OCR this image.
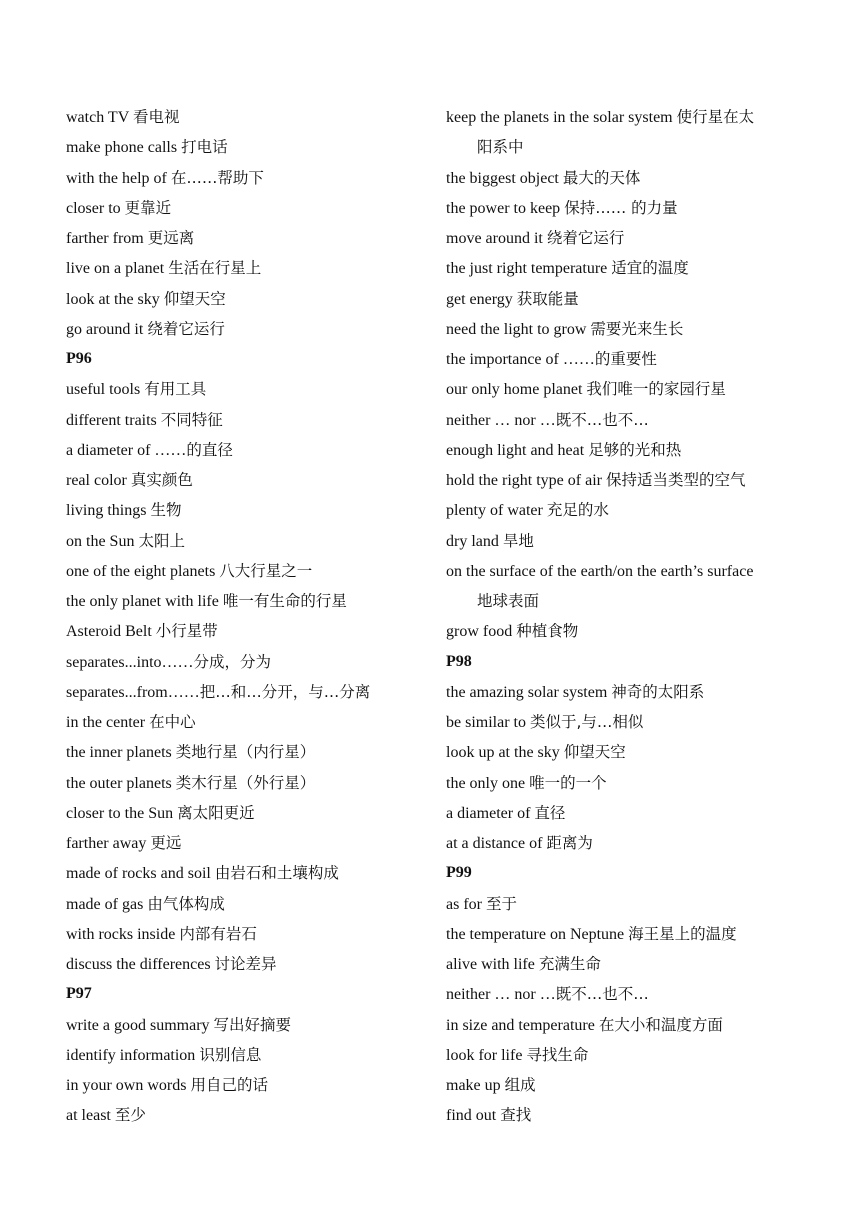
watch TV 看电视
make phone calls 打电话
with the help of 在……帮助下
closer to 更靠近
farther from 更远离
live on a planet 生活在行星上
look at the sky 仰望天空
go around it 绕着它运行
P96
useful tools 有用工具
different traits 不同特征
a diameter of ……的直径
real color 真实颜色
living things 生物
on the Sun 太阳上
one of the eight planets 八大行星之一
the only planet with life 唯一有生命的行星
Asteroid Belt 小行星带
separates...into……分成，分为
separates...from……把…和…分开，与…分离
in the center 在中心
the inner planets 类地行星（内行星）
the outer planets 类木行星（外行星）
closer to the Sun 离太阳更近
farther away 更远
made of rocks and soil 由岩石和土壤构成
made of gas 由气体构成
with rocks inside 内部有岩石
discuss the differences 讨论差异
P97
write a good summary 写出好摘要
identify information 识别信息
in your own words 用自己的话
at least 至少
keep the planets in the solar system 使行星在太
阳系中
the biggest object 最大的天体
the power to keep 保持…… 的力量
move around it 绕着它运行
the just right temperature 适宜的温度
get energy 获取能量
need the light to grow 需要光来生长
the importance of ……的重要性
our only home planet 我们唯一的家园行星
neither … nor …既不…也不…
enough light and heat 足够的光和热
hold the right type of air 保持适当类型的空气
plenty of water 充足的水
dry land 旱地
on the surface of the earth/on the earth’s surface
地球表面
grow food 种植食物
P98
the amazing solar system 神奇的太阳系
be similar to 类似于,与…相似
look up at the sky 仰望天空
the only one 唯一的一个
a diameter of 直径
at a distance of 距离为
P99
as for 至于
the temperature on Neptune 海王星上的温度
alive with life 充满生命
neither … nor …既不…也不…
in size and temperature 在大小和温度方面
look for life 寻找生命
make up 组成
find out 查找
